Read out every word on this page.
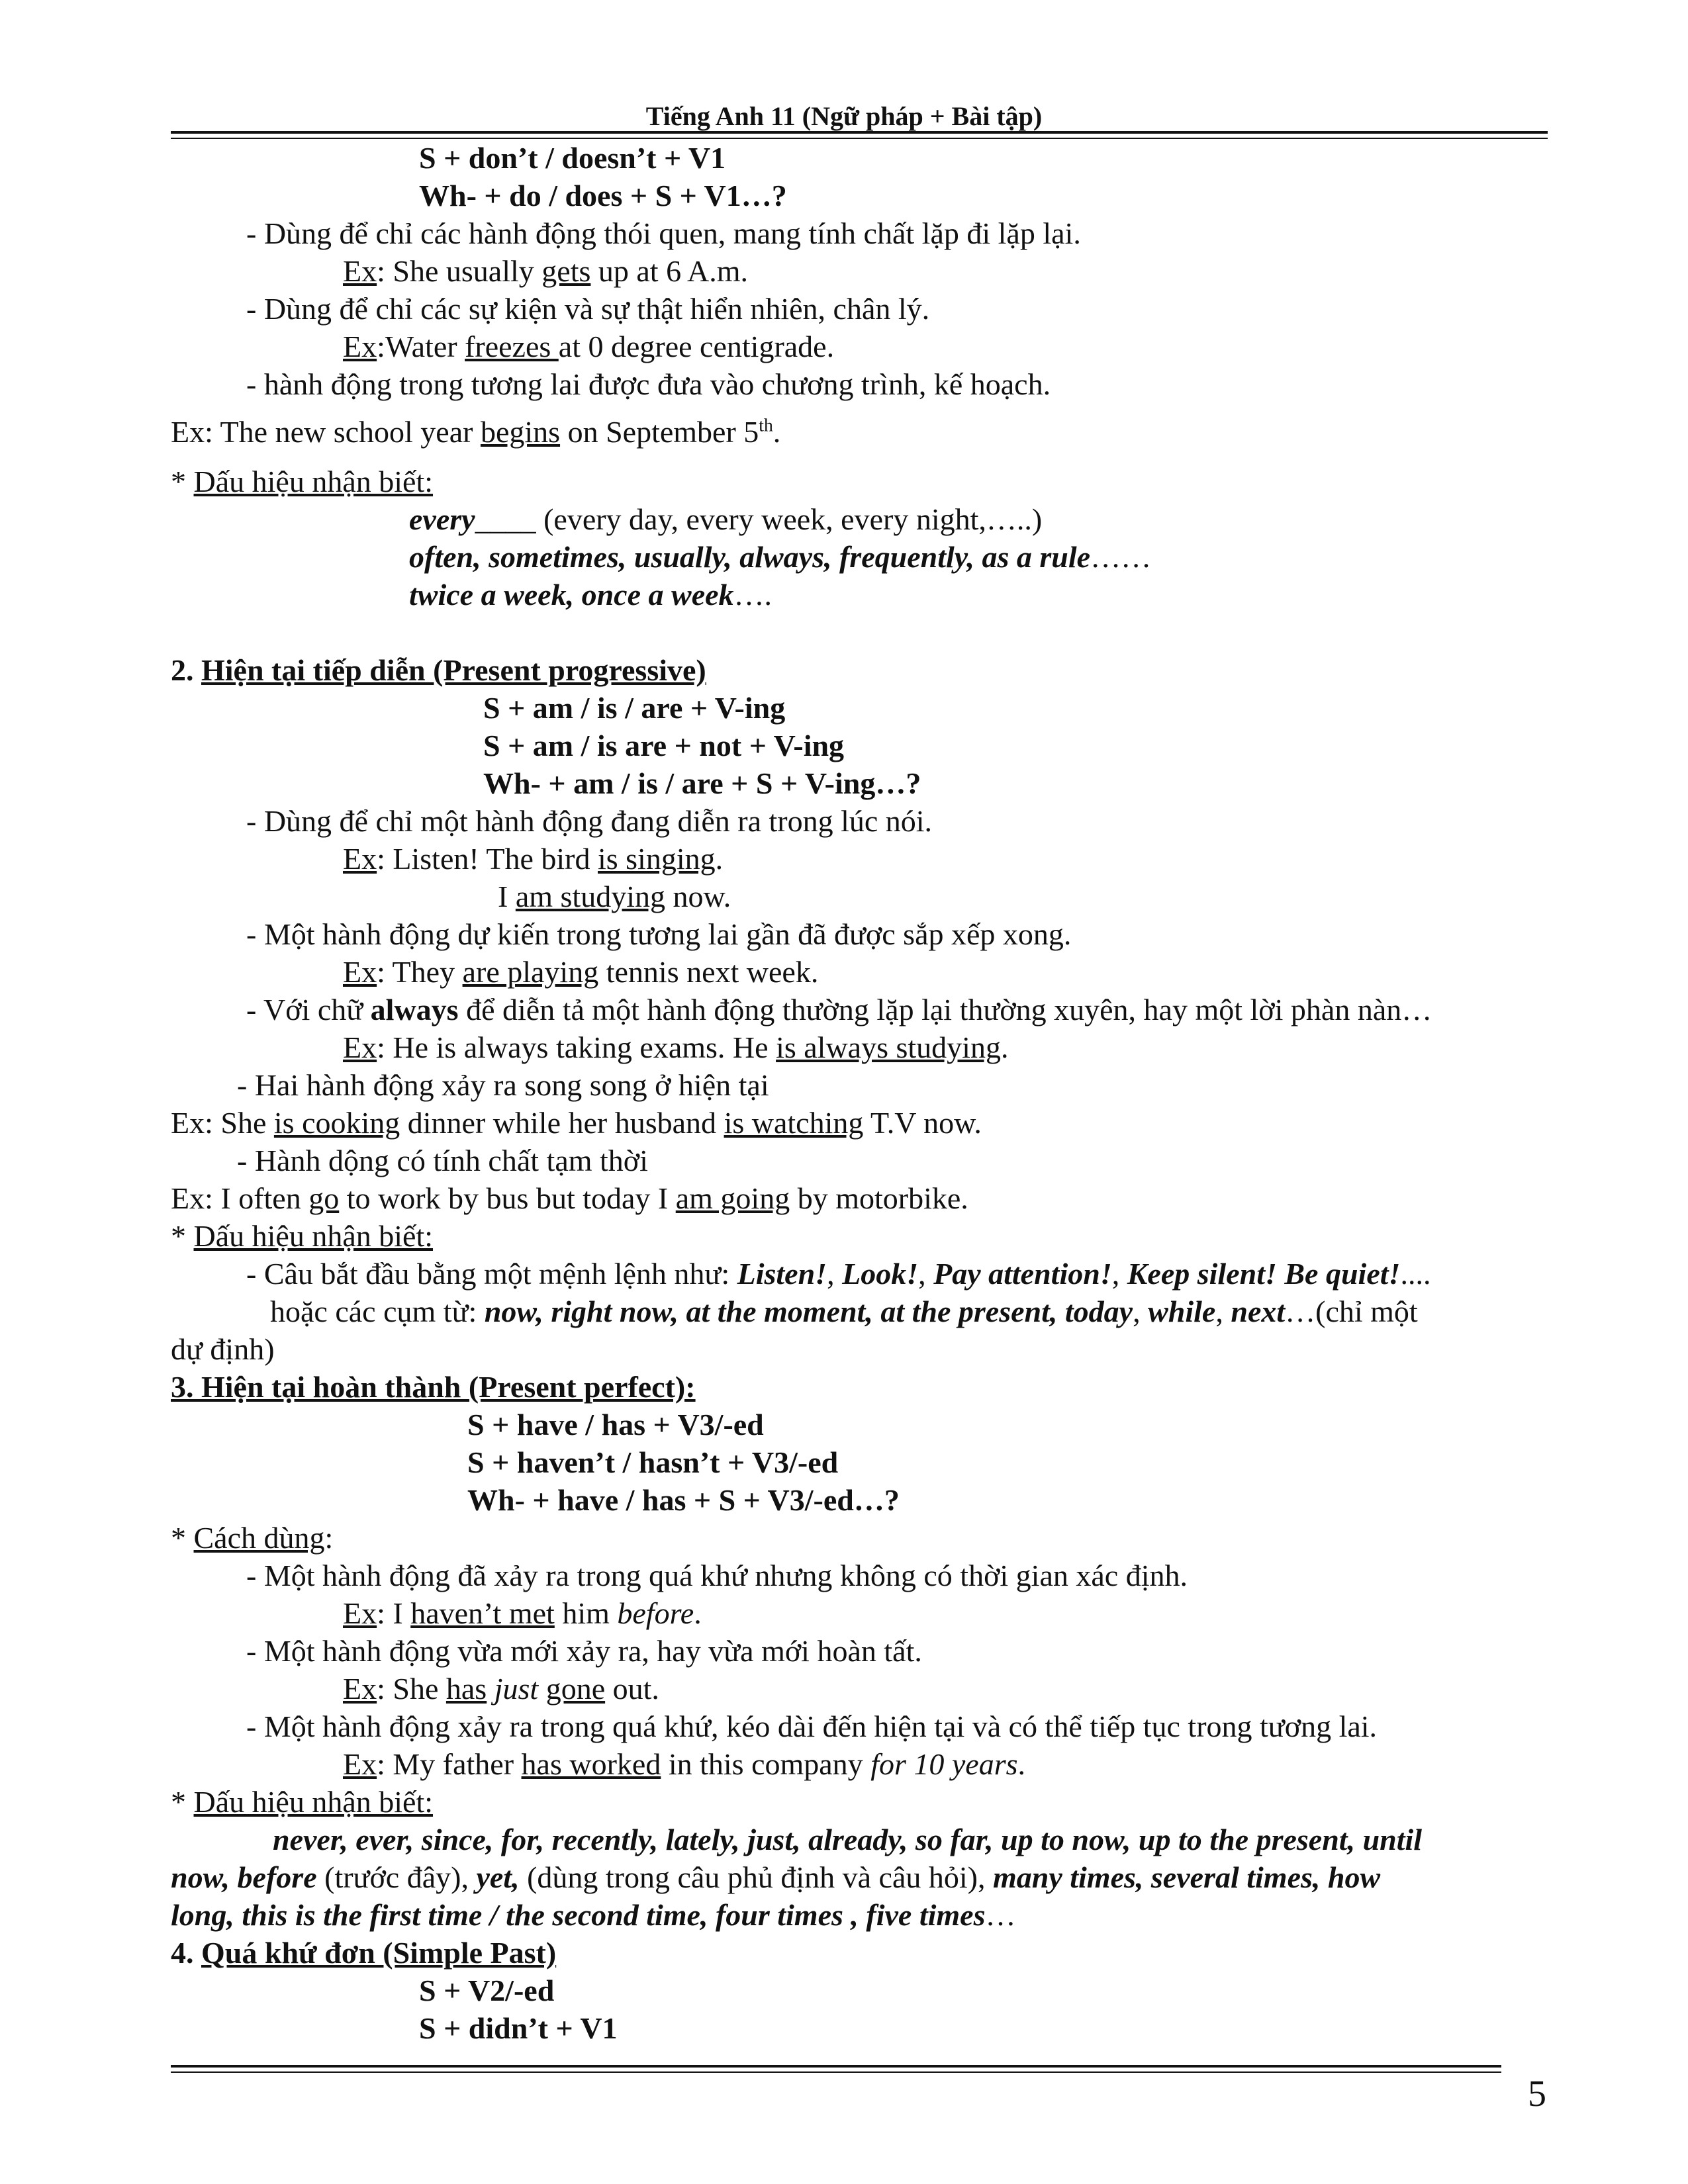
Tiếng Anh 11 (Ngữ pháp + Bài tập)
S + don’t / doesn’t + V1
Wh- + do / does + S + V1…?
- Dùng để chỉ các hành động thói quen, mang tính chất lặp đi lặp lại.
Ex: She usually gets up at 6 A.m.
- Dùng để chỉ các sự kiện và sự thật hiển nhiên, chân lý.
Ex:Water freezes at 0 degree centigrade.
- hành động trong tương lai được đưa vào chương trình, kế hoạch.
Ex: The new school year begins on September 5th.
* Dấu hiệu nhận biết:
every____ (every day, every week, every night,…..)
often, sometimes, usually, always, frequently, as a rule……
twice a week, once a week….
2. Hiện tại tiếp diễn (Present progressive)
S + am / is / are + V-ing
S + am / is are + not + V-ing
Wh- + am / is / are + S + V-ing…?
- Dùng để chỉ một hành động đang diễn ra trong lúc nói.
Ex: Listen! The bird is singing.
I am studying now.
- Một hành động dự kiến trong tương lai gần đã được sắp xếp xong.
Ex: They are playing tennis next week.
- Với chữ always để diễn tả một hành động thường lặp lại thường xuyên, hay một lời phàn nàn…
Ex: He is always taking exams. He is always studying.
- Hai hành động xảy ra song song ở hiện tại
Ex: She is cooking dinner while her husband is watching T.V now.
- Hành dộng có tính chất tạm thời
Ex: I often go to work by bus but today I am going by motorbike.
* Dấu hiệu nhận biết:
- Câu bắt đầu bằng một mệnh lệnh như: Listen!, Look!, Pay attention!, Keep silent! Be quiet!....
hoặc các cụm từ: now, right now, at the moment, at the present, today, while, next…(chỉ một
dự định)
3. Hiện tại hoàn thành (Present perfect):
S + have / has + V3/-ed
S + haven’t / hasn’t + V3/-ed
Wh- + have / has + S + V3/-ed…?
* Cách dùng:
- Một hành động đã xảy ra trong quá khứ nhưng không có thời gian xác định.
Ex: I haven’t met him before.
- Một hành động vừa mới xảy ra, hay vừa mới hoàn tất.
Ex: She has just gone out.
- Một hành động xảy ra trong quá khứ, kéo dài đến hiện tại và có thể tiếp tục trong tương lai.
Ex: My father has worked in this company for 10 years.
* Dấu hiệu nhận biết:
never, ever, since, for, recently, lately, just, already, so far, up to now, up to the present, until
now, before (trước đây), yet, (dùng trong câu phủ định và câu hỏi), many times, several times, how
long, this is the first time / the second time, four times , five times…
4. Quá khứ đơn (Simple Past)
S + V2/-ed
S + didn’t + V1
5
